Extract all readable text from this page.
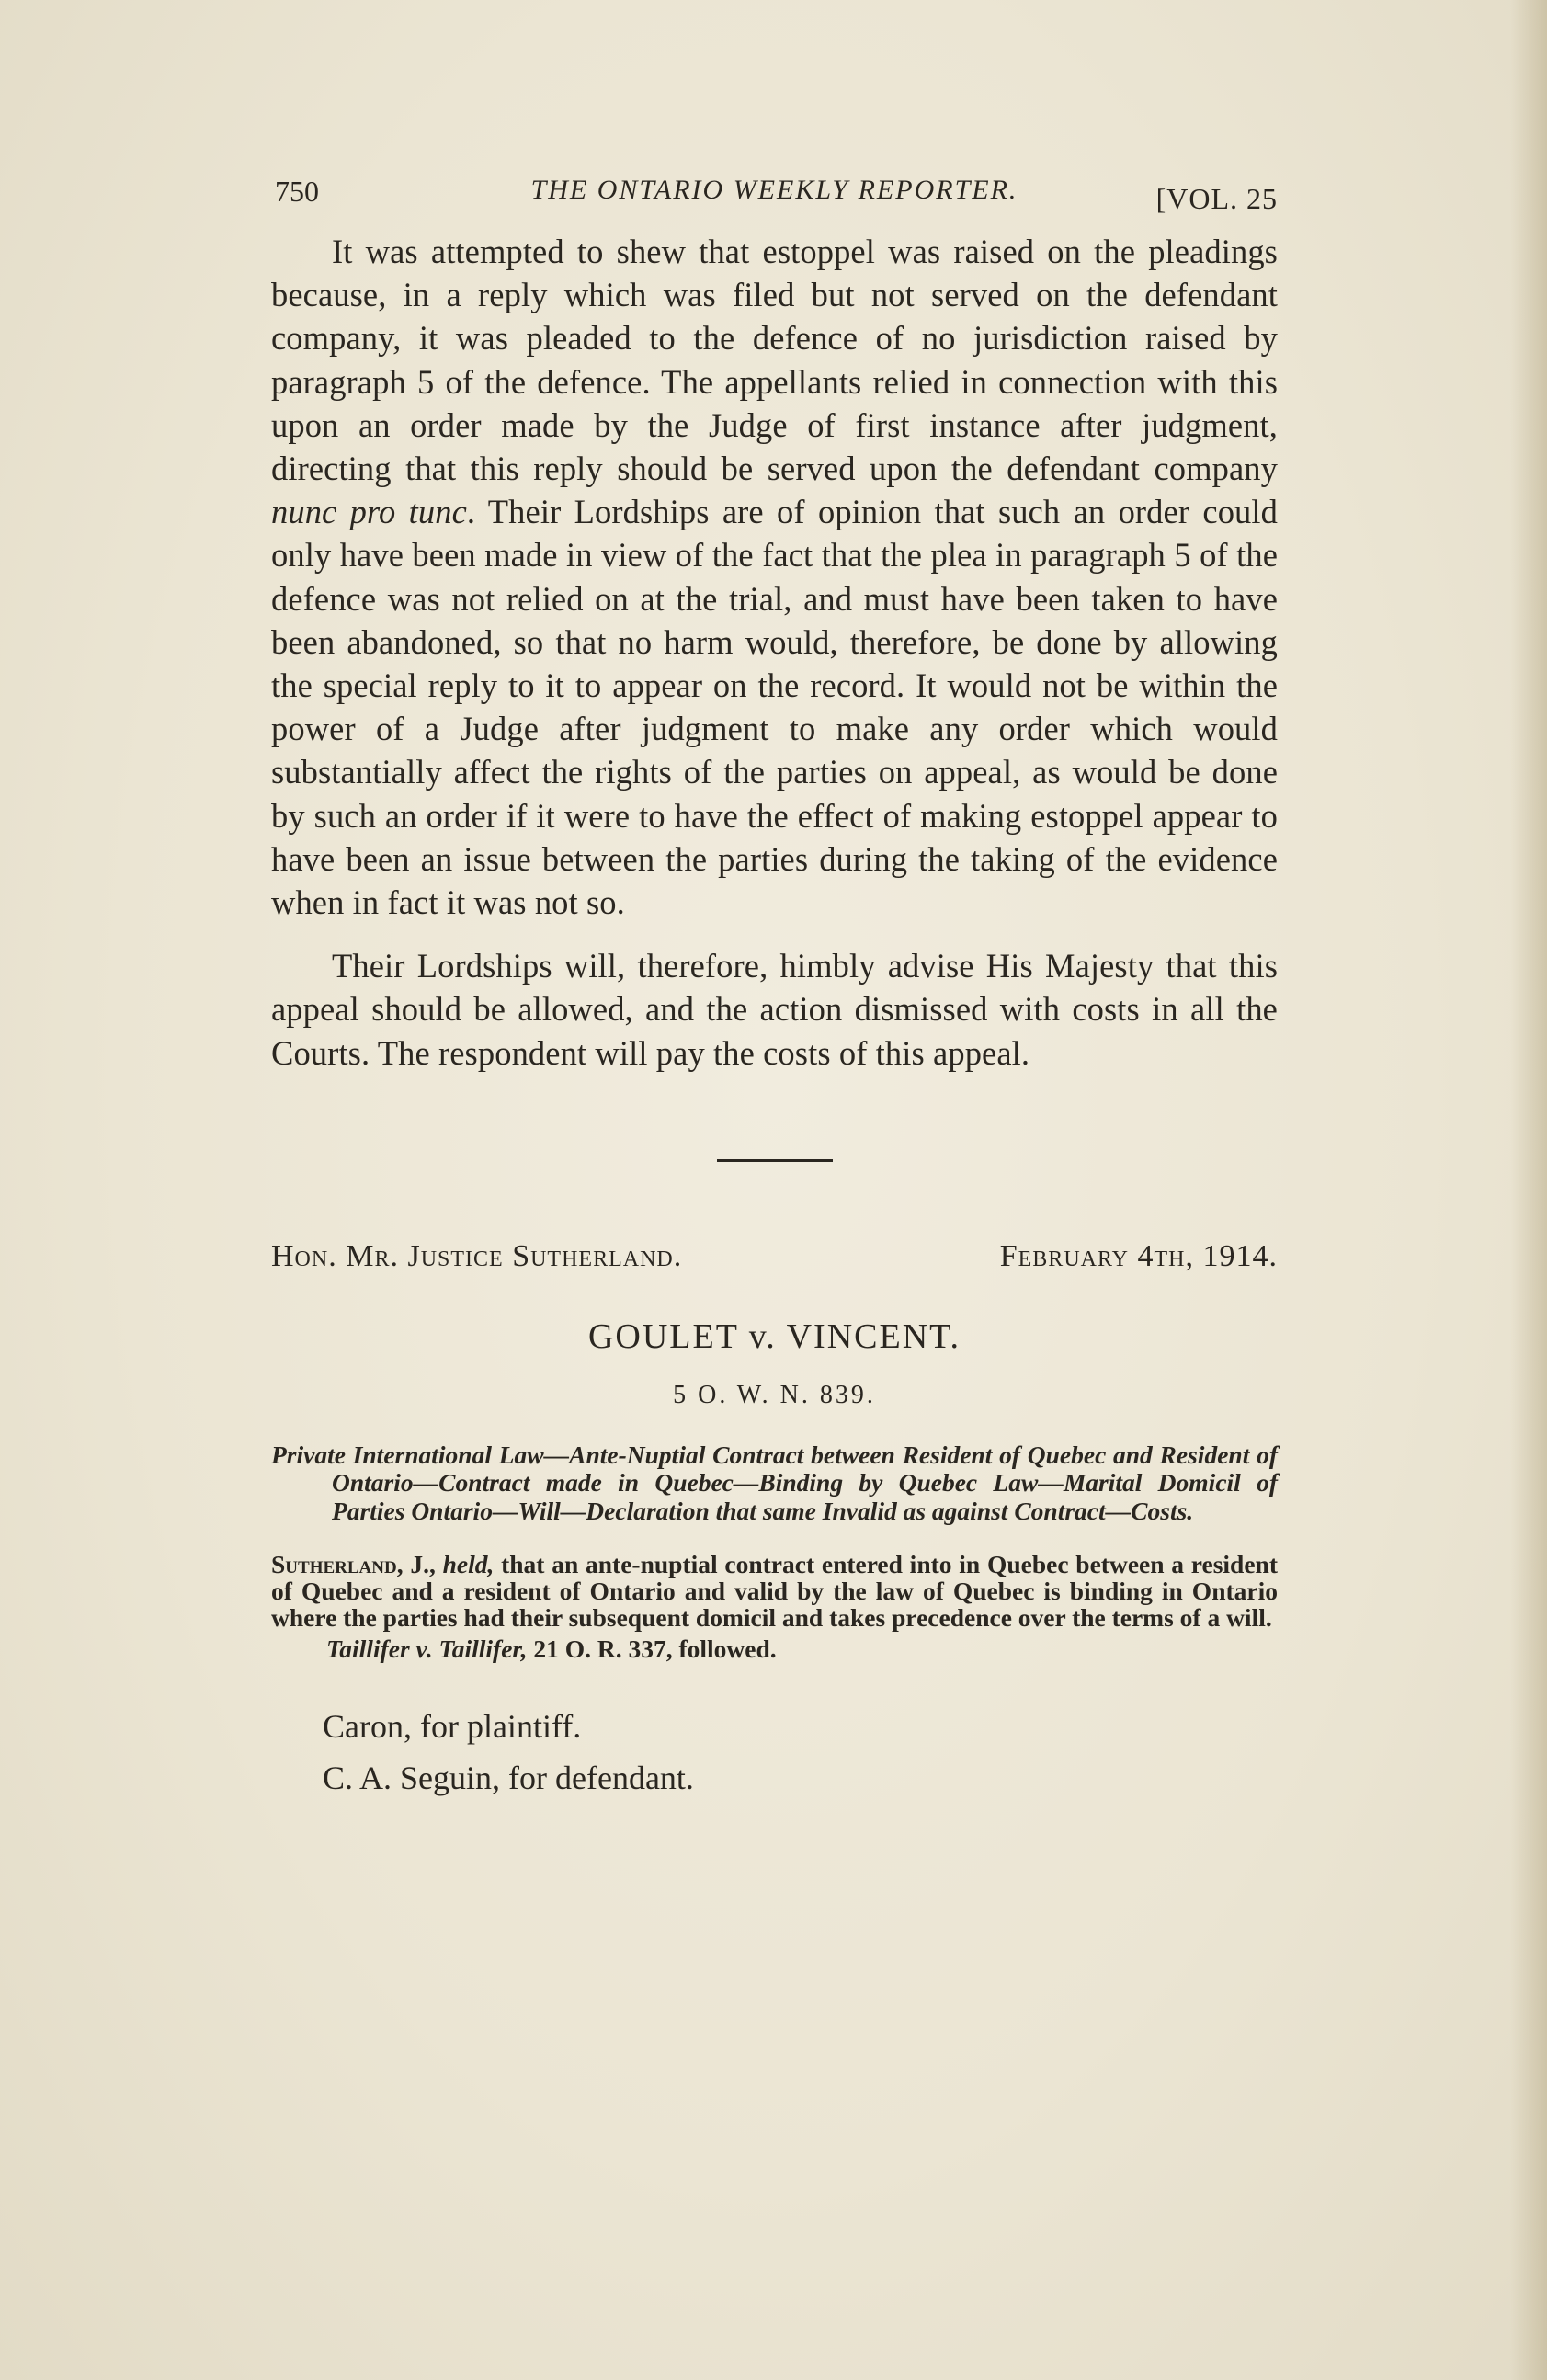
750	THE ONTARIO WEEKLY REPORTER.	[VOL. 25

It was attempted to shew that estoppel was raised on the pleadings because, in a reply which was filed but not served on the defendant company, it was pleaded to the defence of no jurisdiction raised by paragraph 5 of the defence. The appellants relied in connection with this upon an order made by the Judge of first instance after judgment, directing that this reply should be served upon the defendant company nunc pro tunc. Their Lordships are of opinion that such an order could only have been made in view of the fact that the plea in paragraph 5 of the defence was not relied on at the trial, and must have been taken to have been abandoned, so that no harm would, therefore, be done by allowing the special reply to it to appear on the record. It would not be within the power of a Judge after judgment to make any order which would substantially affect the rights of the parties on appeal, as would be done by such an order if it were to have the effect of making estoppel appear to have been an issue between the parties during the taking of the evidence when in fact it was not so.

Their Lordships will, therefore, himbly advise His Majesty that this appeal should be allowed, and the action dismissed with costs in all the Courts. The respondent will pay the costs of this appeal.

Hon. Mr. Justice Sutherland.	February 4th, 1914.
GOULET v. VINCENT.
5 O. W. N. 839.
Private International Law—Ante-Nuptial Contract between Resident of Quebec and Resident of Ontario—Contract made in Quebec—Binding by Quebec Law—Marital Domicil of Parties Ontario—Will—Declaration that same Invalid as against Contract—Costs.
Sutherland, J., held, that an ante-nuptial contract entered into in Quebec between a resident of Quebec and a resident of Ontario and valid by the law of Quebec is binding in Ontario where the parties had their subsequent domicil and takes precedence over the terms of a will.
Taillifer v. Taillifer, 21 O. R. 337, followed.
Caron, for plaintiff.
C. A. Seguin, for defendant.
